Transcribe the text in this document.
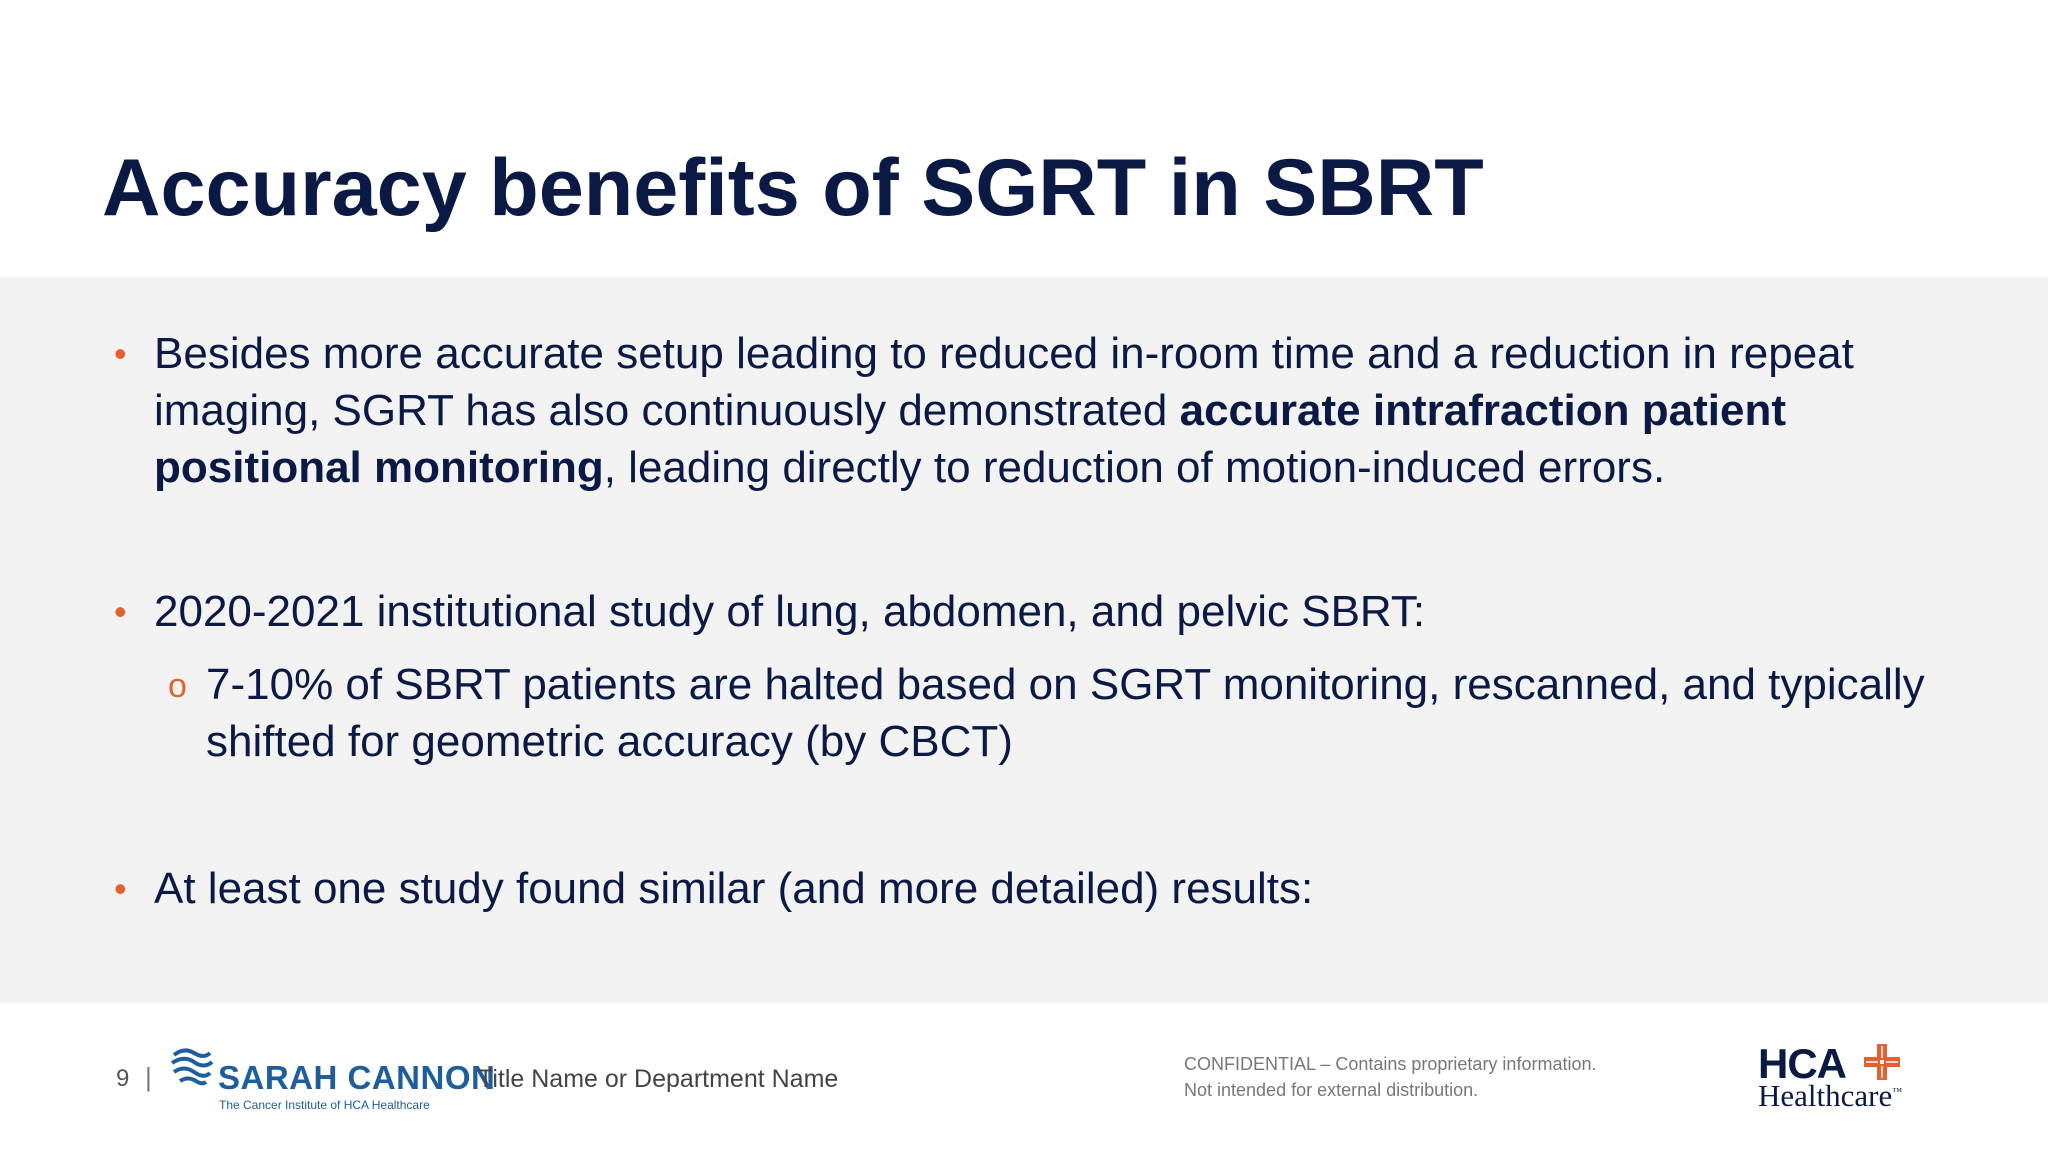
Accuracy benefits of SGRT in SBRT
• Besides more accurate setup leading to reduced in-room time and a reduction in repeat imaging, SGRT has also continuously demonstrated accurate intrafraction patient positional monitoring, leading directly to reduction of motion-induced errors.
• 2020-2021 institutional study of lung, abdomen, and pelvic SBRT:
o 7-10% of SBRT patients are halted based on SGRT monitoring, rescanned, and typically shifted for geometric accuracy (by CBCT)
• At least one study found similar (and more detailed) results:
9 | SARAH CANNON
The Cancer Institute of HCA Healthcare
Title Name or Department Name
CONFIDENTIAL – Contains proprietary information.
Not intended for external distribution.
HCA
Healthcare™
